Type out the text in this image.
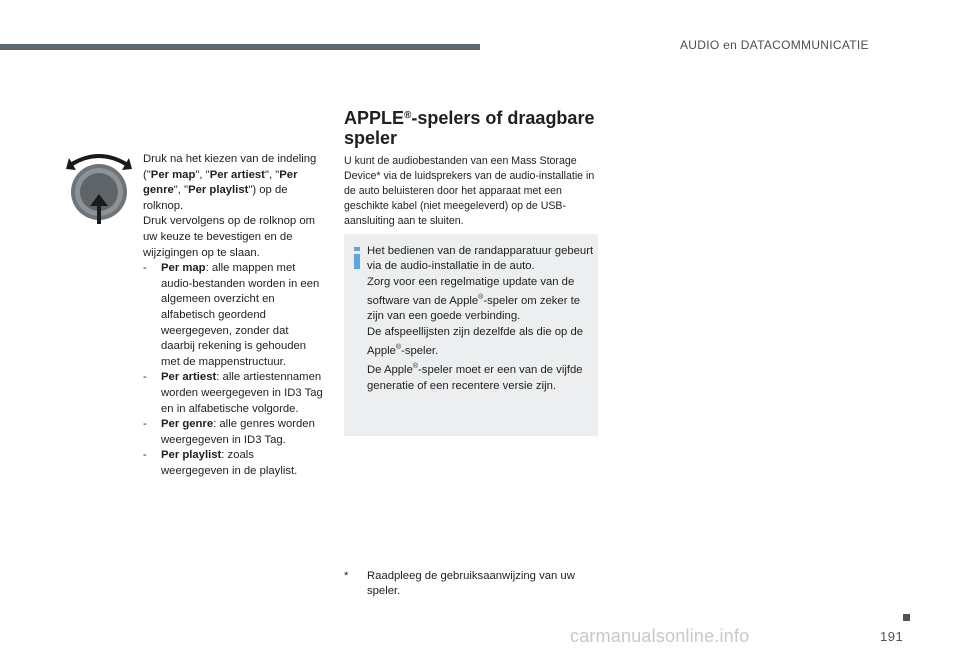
AUDIO en DATACOMMUNICATIE

Druk na het kiezen van de indeling ("Per map", "Per artiest", "Per genre", "Per playlist") op de rolknop.

Druk vervolgens op de rolknop om uw keuze te bevestigen en de wijzigingen op te slaan.

- Per map: alle mappen met audio-bestanden worden in een algemeen overzicht en alfabetisch geordend weergegeven, zonder dat daarbij rekening is gehouden met de mappenstructuur.
- Per artiest: alle artiestennamen worden weergegeven in ID3 Tag en in alfabetische volgorde.
- Per genre: alle genres worden weergegeven in ID3 Tag.
- Per playlist: zoals weergegeven in de playlist.
APPLE®-spelers of draagbare speler
U kunt de audiobestanden van een Mass Storage Device* via de luidsprekers van de audio-installatie in de auto beluisteren door het apparaat met een geschikte kabel (niet meegeleverd) op de USB-aansluiting aan te sluiten.
Het bedienen van de randapparatuur gebeurt via de audio-installatie in de auto.
Zorg voor een regelmatige update van de software van de Apple®-speler om zeker te zijn van een goede verbinding.
De afspeellijsten zijn dezelfde als die op de Apple®-speler.
De Apple®-speler moet er een van de vijfde generatie of een recentere versie zijn.
* Raadpleeg de gebruiksaanwijzing van uw speler.
191
carmanualsonline.info
